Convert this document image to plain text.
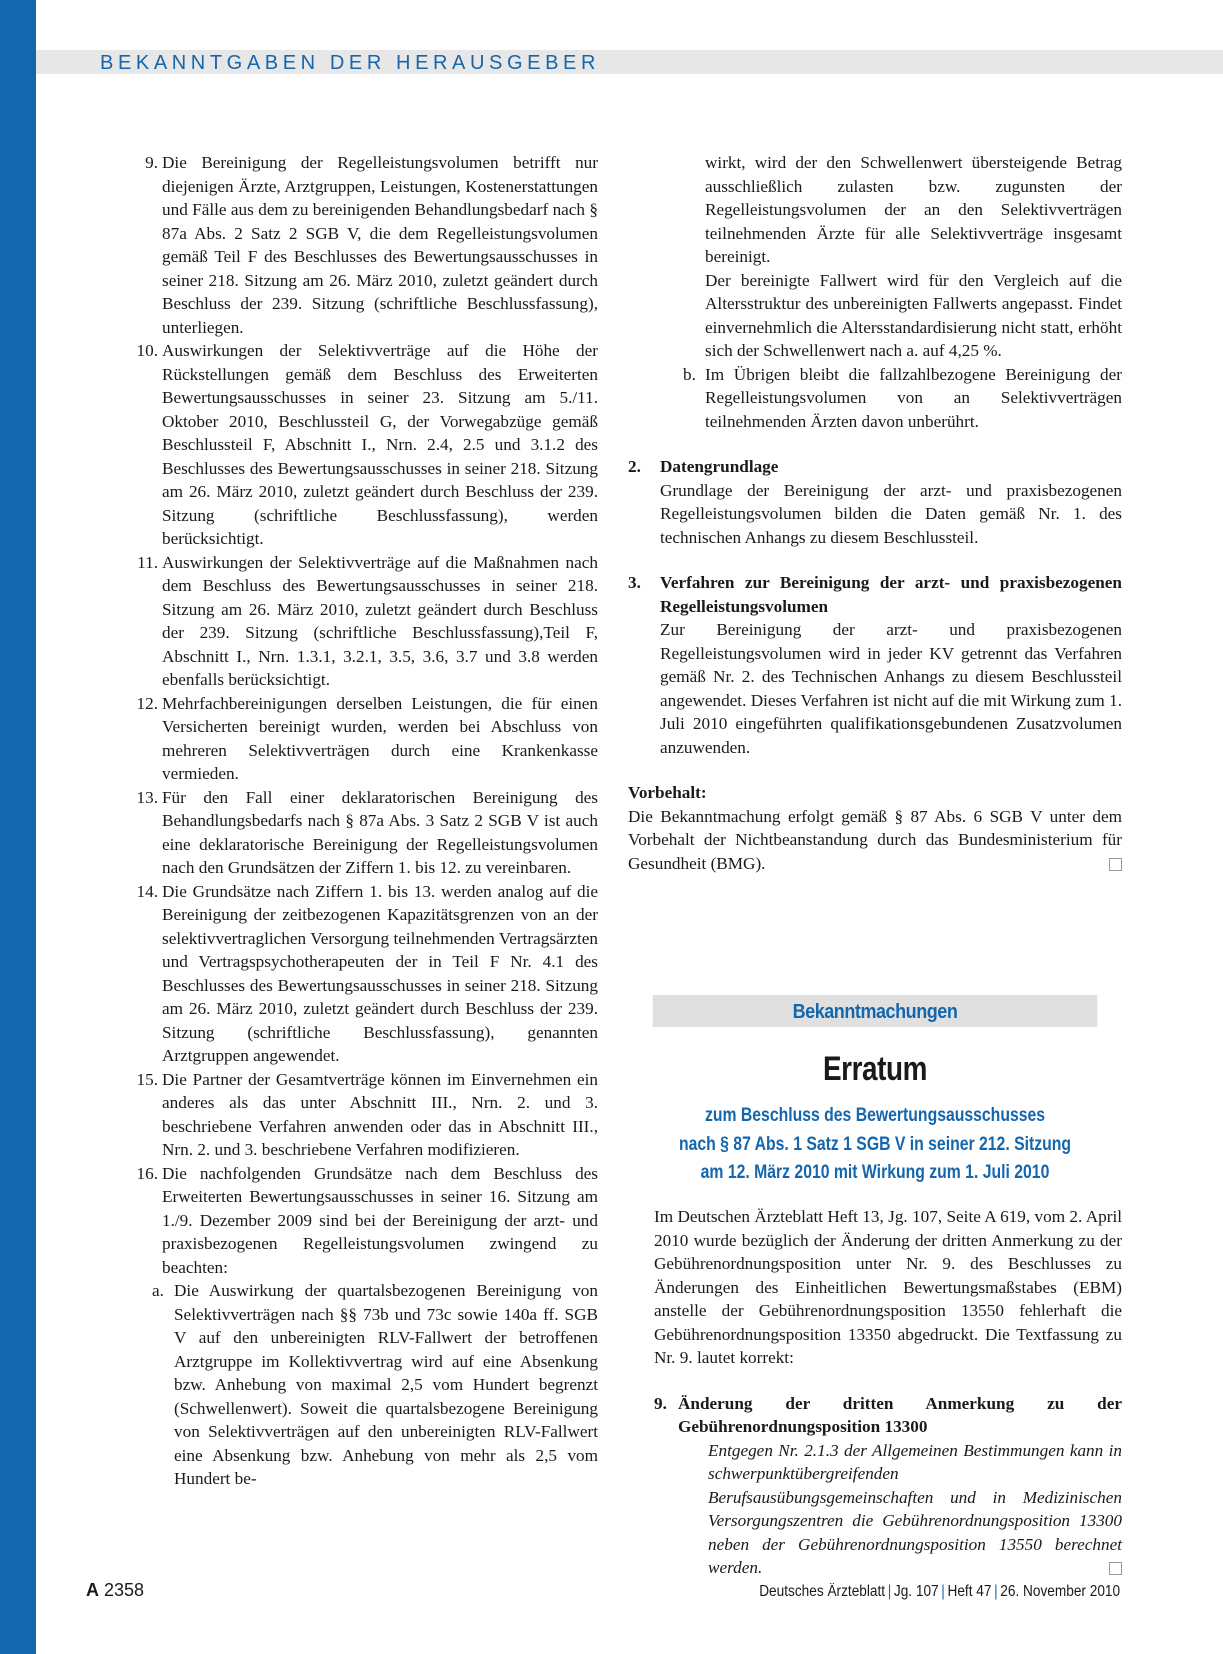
BEKANNTGABEN DER HERAUSGEBER
9. Die Bereinigung der Regelleistungsvolumen betrifft nur diejenigen Ärzte, Arztgruppen, Leistungen, Kostenerstattungen und Fälle aus dem zu bereinigenden Behandlungsbedarf nach § 87a Abs. 2 Satz 2 SGB V, die dem Regelleistungsvolumen gemäß Teil F des Beschlusses des Bewertungsausschusses in seiner 218. Sitzung am 26. März 2010, zuletzt geändert durch Beschluss der 239. Sitzung (schriftliche Beschlussfassung), unterliegen.

10. Auswirkungen der Selektivverträge auf die Höhe der Rückstellungen gemäß dem Beschluss des Erweiterten Bewertungsausschusses in seiner 23. Sitzung am 5./11. Oktober 2010, Beschlussteil G, der Vorwegabzüge gemäß Beschlussteil F, Abschnitt I., Nrn. 2.4, 2.5 und 3.1.2 des Beschlusses des Bewertungsausschusses in seiner 218. Sitzung am 26. März 2010, zuletzt geändert durch Beschluss der 239. Sitzung (schriftliche Beschlussfassung), werden berücksichtigt.

11. Auswirkungen der Selektivverträge auf die Maßnahmen nach dem Beschluss des Bewertungsausschusses in seiner 218. Sitzung am 26. März 2010, zuletzt geändert durch Beschluss der 239. Sitzung (schriftliche Beschlussfassung),Teil F, Abschnitt I., Nrn. 1.3.1, 3.2.1, 3.5, 3.6, 3.7 und 3.8 werden ebenfalls berücksichtigt.

12. Mehrfachbereinigungen derselben Leistungen, die für einen Versicherten bereinigt wurden, werden bei Abschluss von mehreren Selektivverträgen durch eine Krankenkasse vermieden.

13. Für den Fall einer deklaratorischen Bereinigung des Behandlungsbedarfs nach § 87a Abs. 3 Satz 2 SGB V ist auch eine deklaratorische Bereinigung der Regelleistungsvolumen nach den Grundsätzen der Ziffern 1. bis 12. zu vereinbaren.

14. Die Grundsätze nach Ziffern 1. bis 13. werden analog auf die Bereinigung der zeitbezogenen Kapazitätsgrenzen von an der selektivvertraglichen Versorgung teilnehmenden Vertragsärzten und Vertragspsychotherapeuten der in Teil F Nr. 4.1 des Beschlusses des Bewertungsausschusses in seiner 218. Sitzung am 26. März 2010, zuletzt geändert durch Beschluss der 239. Sitzung (schriftliche Beschlussfassung), genannten Arztgruppen angewendet.

15. Die Partner der Gesamtverträge können im Einvernehmen ein anderes als das unter Abschnitt III., Nrn. 2. und 3. beschriebene Verfahren anwenden oder das in Abschnitt III., Nrn. 2. und 3. beschriebene Verfahren modifizieren.

16. Die nachfolgenden Grundsätze nach dem Beschluss des Erweiterten Bewertungsausschusses in seiner 16. Sitzung am 1./9. Dezember 2009 sind bei der Bereinigung der arzt- und praxisbezogenen Regelleistungsvolumen zwingend zu beachten:

a. Die Auswirkung der quartalsbezogenen Bereinigung von Selektivverträgen nach §§ 73b und 73c sowie 140a ff. SGB V auf den unbereinigten RLV-Fallwert der betroffenen Arztgruppe im Kollektivvertrag wird auf eine Absenkung bzw. Anhebung von maximal 2,5 vom Hundert begrenzt (Schwellenwert). Soweit die quartalsbezogene Bereinigung von Selektivverträgen auf den unbereinigten RLV-Fallwert eine Absenkung bzw. Anhebung von mehr als 2,5 vom Hundert be-

wirkt, wird der den Schwellenwert übersteigende Betrag ausschließlich zulasten bzw. zugunsten der Regelleistungsvolumen der an den Selektivverträgen teilnehmenden Ärzte für alle Selektivverträge insgesamt bereinigt.

Der bereinigte Fallwert wird für den Vergleich auf die Altersstruktur des unbereinigten Fallwerts angepasst. Findet einvernehmlich die Altersstandardisierung nicht statt, erhöht sich der Schwellenwert nach a. auf 4,25 %.

b. Im Übrigen bleibt die fallzahlbezogene Bereinigung der Regelleistungsvolumen von an Selektivverträgen teilnehmenden Ärzten davon unberührt.

2. Datengrundlage

Grundlage der Bereinigung der arzt- und praxisbezogenen Regelleistungsvolumen bilden die Daten gemäß Nr. 1. des technischen Anhangs zu diesem Beschlussteil.

3. Verfahren zur Bereinigung der arzt- und praxisbezogenen Regelleistungsvolumen

Zur Bereinigung der arzt- und praxisbezogenen Regelleistungsvolumen wird in jeder KV getrennt das Verfahren gemäß Nr. 2. des Technischen Anhangs zu diesem Beschlussteil angewendet. Dieses Verfahren ist nicht auf die mit Wirkung zum 1. Juli 2010 eingeführten qualifikationsgebundenen Zusatzvolumen anzuwenden.

Vorbehalt:

Die Bekanntmachung erfolgt gemäß § 87 Abs. 6 SGB V unter dem Vorbehalt der Nichtbeanstandung durch das Bundesministerium für Gesundheit (BMG).

Bekanntmachungen
Erratum
zum Beschluss des Bewertungsausschusses
nach § 87 Abs. 1 Satz 1 SGB V in seiner 212. Sitzung
am 12. März 2010 mit Wirkung zum 1. Juli 2010

Im Deutschen Ärzteblatt Heft 13, Jg. 107, Seite A 619, vom 2. April 2010 wurde bezüglich der Änderung der dritten Anmerkung zu der Gebührenordnungsposition unter Nr. 9. des Beschlusses zu Änderungen des Einheitlichen Bewertungsmaßstabes (EBM) anstelle der Gebührenordnungsposition 13550 fehlerhaft die Gebührenordnungsposition 13350 abgedruckt. Die Textfassung zu Nr. 9. lautet korrekt:

9. Änderung der dritten Anmerkung zu der Gebührenordnungsposition 13300

Entgegen Nr. 2.1.3 der Allgemeinen Bestimmungen kann in schwerpunktübergreifenden Berufsausübungsgemeinschaften und in Medizinischen Versorgungszentren die Gebührenordnungsposition 13300 neben der Gebührenordnungsposition 13550 berechnet werden.

A 2358	Deutsches Ärzteblatt | Jg. 107 | Heft 47 | 26. November 2010
